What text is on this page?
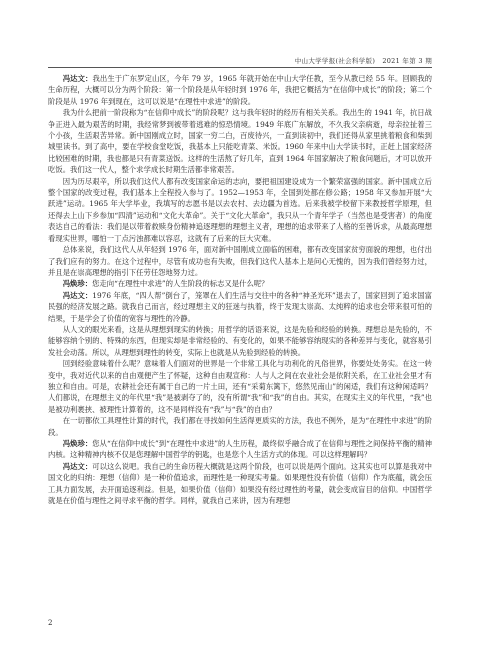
中山大学学报(社会科学版) 2021 年第 3 期

冯达文：我出生于广东罗定山区，今年 79 岁，1965 年就开始在中山大学任教，至今从教已经 55 年。回顾我的生命历程，大概可以分为两个阶段：第一个阶段是从年轻时到 1976 年，我把它概括为“在信仰中成长”的阶段；第二个阶段是从 1976 年到现在，这可以说是“在理性中求进”的阶段。

我为什么把前一阶段称为“在信仰中成长”的阶段呢？这与我年轻时的经历有相关关系。我出生的 1941 年，抗日战争正进入最为艰苦的时期，我经常梦到被带着逃难的惊恐情境。1949 年底广东解放，不久我父亲病逝，母亲拉扯着三个小孩，生活艰苦异常。新中国刚成立时，国家一穷二白，百废待兴，一直到读初中，我们还得从家里挑着粮食和柴到城里读书。到了高中，要在学校食堂吃饭，我基本上只能吃青菜、米饭。1960 年来中山大学读书时，正赶上国家经济比较困难的时期，我也都是只有青菜送饭。这样的生活熬了好几年，直到 1964 年国家解决了粮食问题后，才可以放开吃饭。我们这一代人，整个求学成长时期生活都非常艰苦。

因为历尽艰辛，所以我们这代人都有改变国家命运的志向，要把祖国建设成为一个繁荣富强的国家。新中国成立后整个国家的改变过程，我们基本上全程投入参与了。1952—1953 年，全国到处都在修公路；1958 年又参加开展“大跃进”运动。1965 年大学毕业，我填写的志愿书是以去农村、去边疆为首选。后来我被学校留下来教授哲学原理，但还得去上山下乡参加“四清”运动和“文化大革命”。关于“文化大革命”，我只从一个青年学子（当然也是受害者）的角度表达自己的看法：我们是以带着救赎身份精神追逐理想的理想主义者，理想的追求带来了人格的至善诉求，从最高理想看现实世界，哪怕一丁点污浊都难以容忍，这就有了后来的巨大灾难。

总体来说，我们这代人从年轻到 1976 年，面对新中国刚成立面临的困难，都有改变国家贫穷面貌的理想，也付出了我们应有的努力。在这个过程中，尽管有成功也有失败，但我们这代人基本上是问心无愧的，因为我们曾经努力过，并且是在崇高理想的指引下任劳任怨地努力过。

冯焕珍：您走向“在理性中求进”的人生阶段的标志又是什么呢？

冯达文：1976 年底，“四人帮”倒台了，笼罩在人们生活与交往中的各种“神圣光环”退去了，国家回到了追求国富民强的经济发展之路。就我自己而言，经过理想主义的狂迷与执着，终于发现太崇高、太纯粹的追求也会带来很可怕的结果，于是学会了价值的宽容与理性的冷静。

从人文的眼光来看，这是从理想到现实的转换；用哲学的话语来说，这是先验和经验的转换。理想总是先验的，不能够容纳个别的、特殊的东西，但现实却是非常经验的、有变化的，如果不能够容纳现实的各种差异与变化，就容易引发社会动荡。所以，从理想到理性的转变，实际上也就是从先验到经验的转换。

回到经验意味着什么呢？意味着人们面对的世界是一个非常工具化与功利化的凡俗世界，你要处处务实。在这一转变中，我对近代以来的自由观便产生了怀疑，这种自由观宣称：人与人之间在农业社会是依附关系，在工业社会里才有独立和自由。可是，农耕社会还有属于自己的一片土田，还有“采菊东篱下，悠然见南山”的闲适，我们有这种闲适吗？人们都说，在理想主义的年代里“我”是被剥夺了的，没有所谓“我”和“我”的自由。其实，在现实主义的年代里，“我”也是被功利裹挟、被理性计算着的，这不是同样没有“我”与“我”的自由？

在一切都依工具理性计算的时代，我们都在寻找如何生活得更质实的方法，我也不例外，是为“在理性中求进”的阶段。

冯焕珍：您从“在信仰中成长”到“在理性中求进”的人生历程，最终似乎融合成了在信仰与理性之间保持平衡的精神内核。这种精神内核不仅是您理解中国哲学的钥匙，也是您个人生活方式的体现。可以这样理解吗？

冯达文：可以这么说吧。我自己的生命历程大概就是这两个阶段，也可以说是两个面向。这其实也可以算是我对中国文化的归纳：理想（信仰）是一种价值追求，而理性是一种现实考量。如果理性没有价值（信仰）作为底蕴，就会压工具力面发展，去开面追逐利益。但是，如果价值（信仰）如果没有经过理性的考量，就会变成盲目的信仰。中国哲学就是在价值与理性之间寻求平衡的哲学。同样，就我自己来讲，因为有理想

2
